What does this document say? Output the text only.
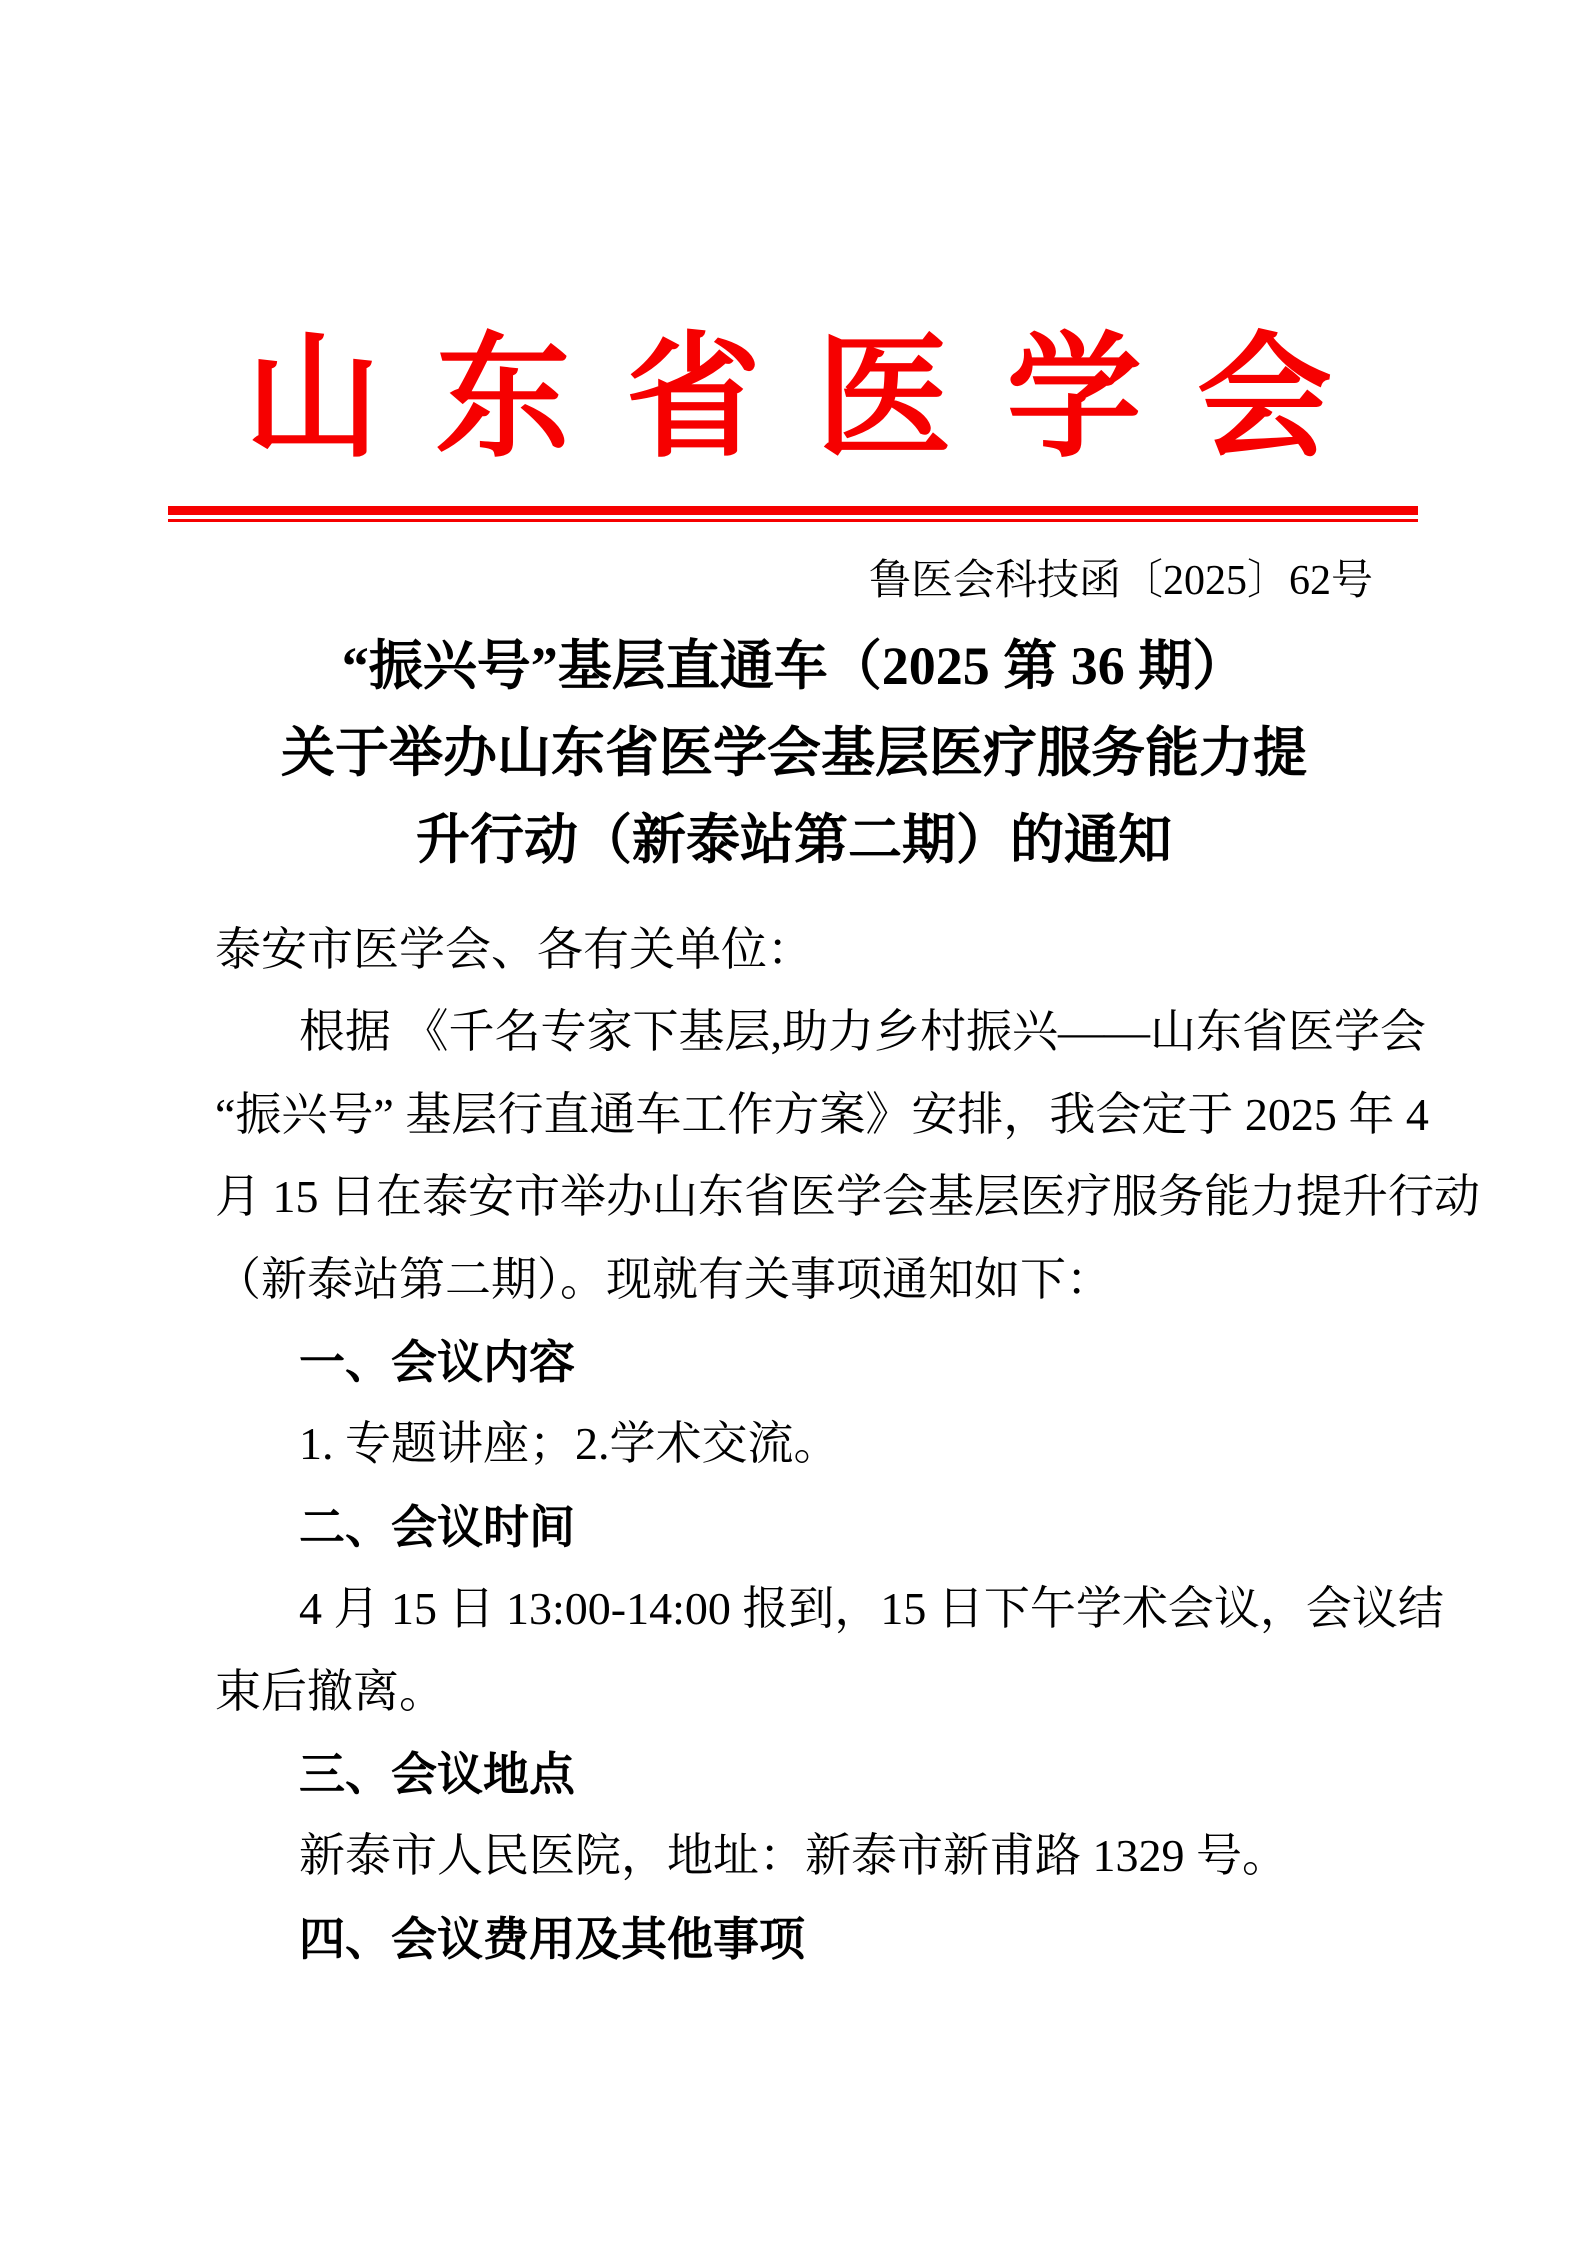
山 东 省 医 学 会
鲁医会科技函〔2025〕62号
“振兴号”基层直通车（2025 第 36 期）
关于举办山东省医学会基层医疗服务能力提
升行动（新泰站第二期）的通知
泰安市医学会、各有关单位：
根据 《千名专家下基层,助力乡村振兴——山东省医学会
“振兴号” 基层行直通车工作方案》安排，我会定于 2025 年 4
月 15 日在泰安市举办山东省医学会基层医疗服务能力提升行动
（新泰站第二期）。现就有关事项通知如下：
一、会议内容
1. 专题讲座；2.学术交流。
二、会议时间
4 月 15 日 13:00-14:00 报到，15 日下午学术会议，会议结
束后撤离。
三、会议地点
新泰市人民医院，地址：新泰市新甫路 1329 号。
四、会议费用及其他事项
